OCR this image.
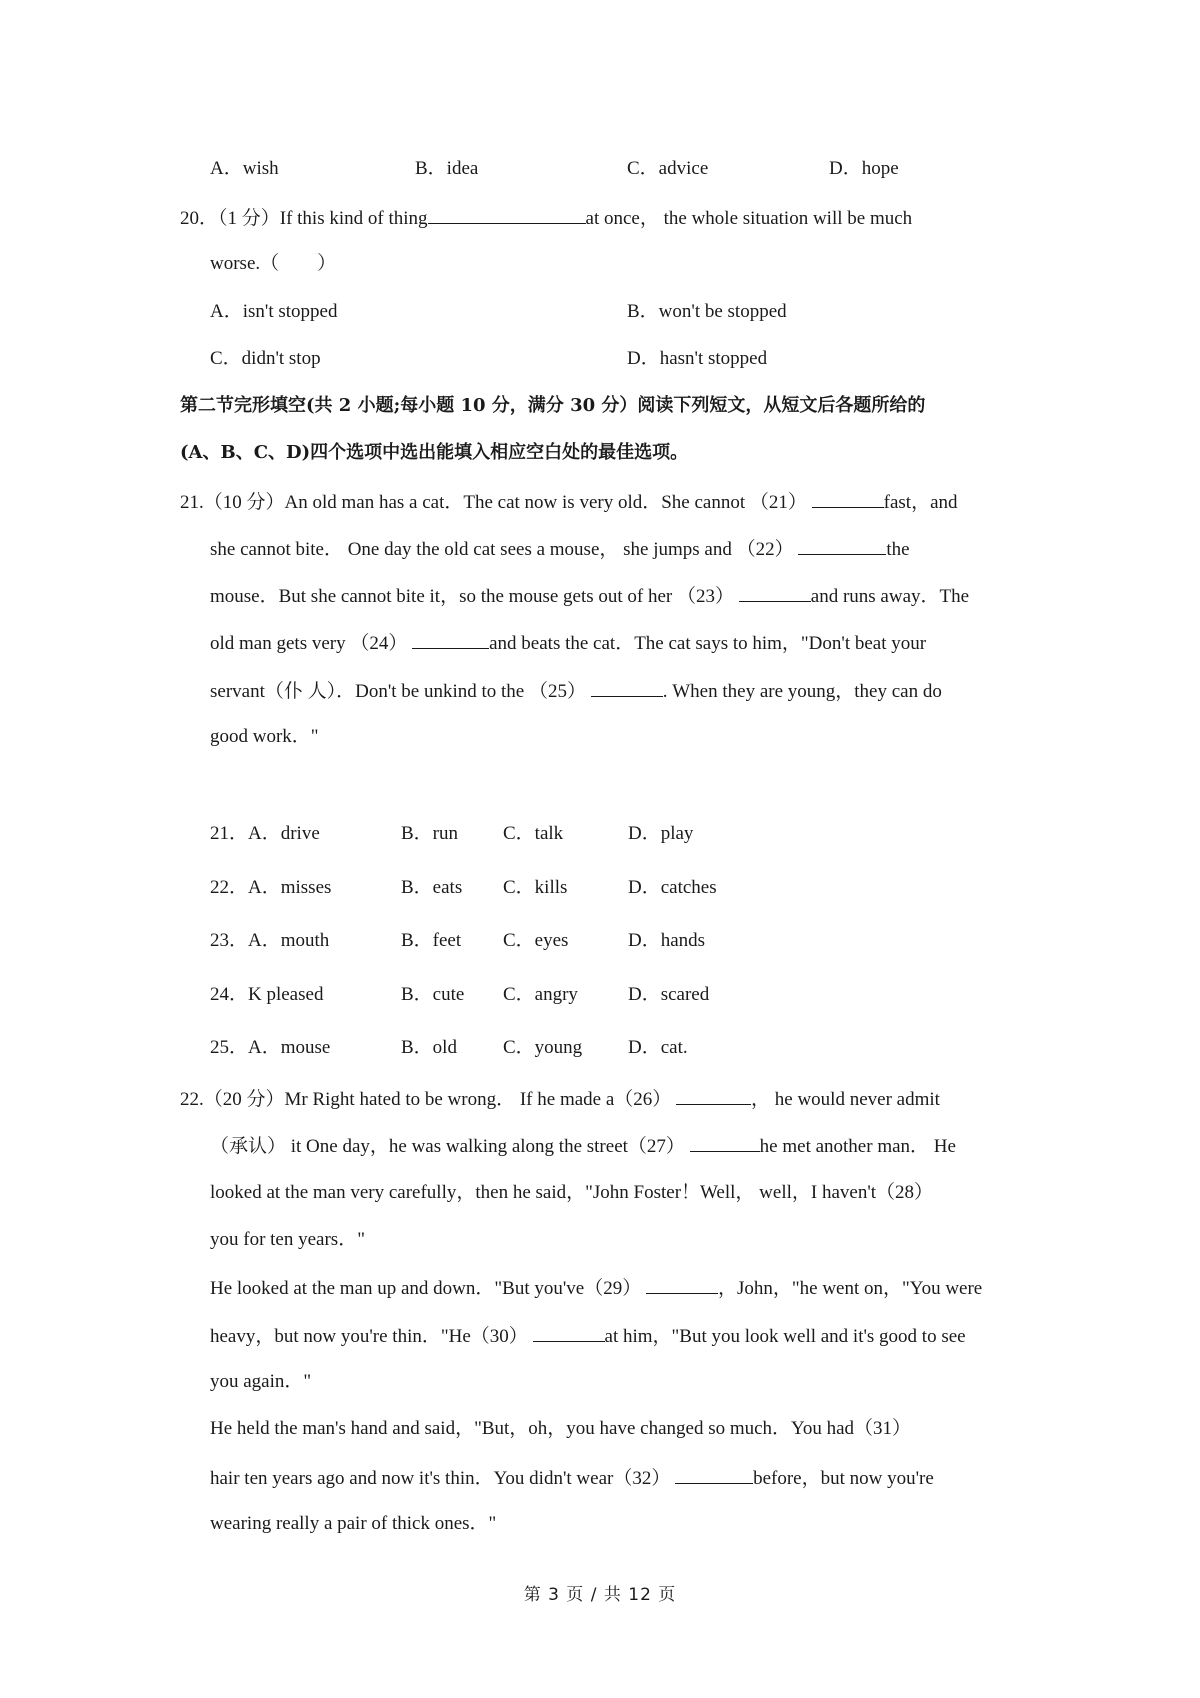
A．wish	B．idea	C．advice	D．hope
20．（1 分）If this kind of thing	at once， the whole situation will be much
worse.（　　）
A．isn't stopped	B．won't be stopped
C．didn't stop	D．hasn't stopped
第二节完形填空(共 2 小题;每小题 10 分，满分 30 分）阅读下列短文，从短文后各题所给的
(A、B、C、D)四个选项中选出能填入相应空白处的最佳选项。
21.（10 分）An old man has a cat．The cat now is very old．She cannot （21）	fast，and
she cannot bite． One day the old cat sees a mouse， she jumps and （22）	the
mouse．But she cannot bite it，so the mouse gets out of her （23）	and runs away．The
old man gets very （24）	and beats the cat．The cat says to him，"Don't beat your
servant（仆 人）．Don't be unkind to the （25）	. When they are young，they can do
good work．"
21．A．drive	B．run C．talk	D．play
22．A．misses	B．eats C．kills	D．catches
23．A．mouth	B．feet C．eyes	D．hands
24．K pleased	B．cute C．angry	D．scared
25．A．mouse	B．old C．young D．cat.
22.（20 分）Mr Right hated to be wrong． If he made a（26）	， he would never admit
（承认） it One day，he was walking along the street（27）	he met another man． He
looked at the man very carefully，then he said，"John Foster！Well， well，I haven't（28）
you for ten years．"
He looked at the man up and down．"But you've（29）	，John，"he went on，"You were
heavy，but now you're thin．"He（30）	at him，"But you look well and it's good to see
you again．"
He held the man's hand and said，"But，oh，you have changed so much．You had（31）
hair ten years ago and now it's thin．You didn't wear（32）	before，but now you're
wearing really a pair of thick ones．"
第 3 页 / 共 12 页
